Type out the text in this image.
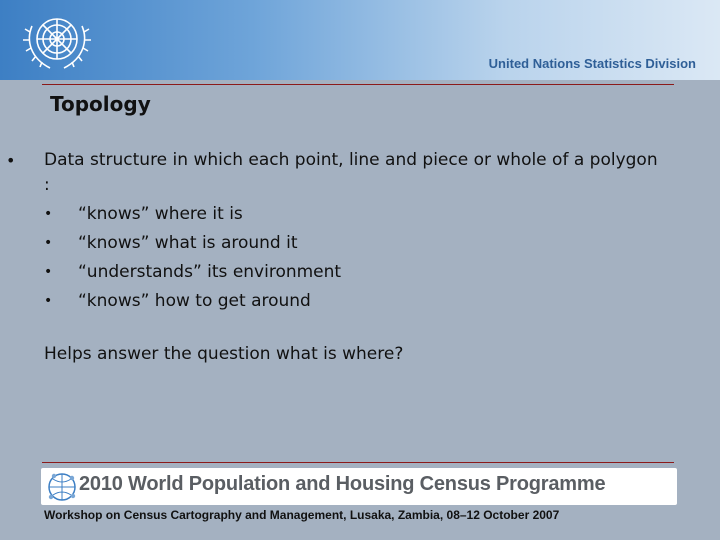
United Nations Statistics Division
Topology
• Data structure in which each point, line and piece or whole of a polygon :
• “knows” where it is
• “knows” what is around it
• “understands” its environment
• “knows” how to get around
Helps answer the question what is where?
2010 World Population and Housing Census Programme
Workshop on Census Cartography and Management, Lusaka, Zambia, 08–12 October 2007
